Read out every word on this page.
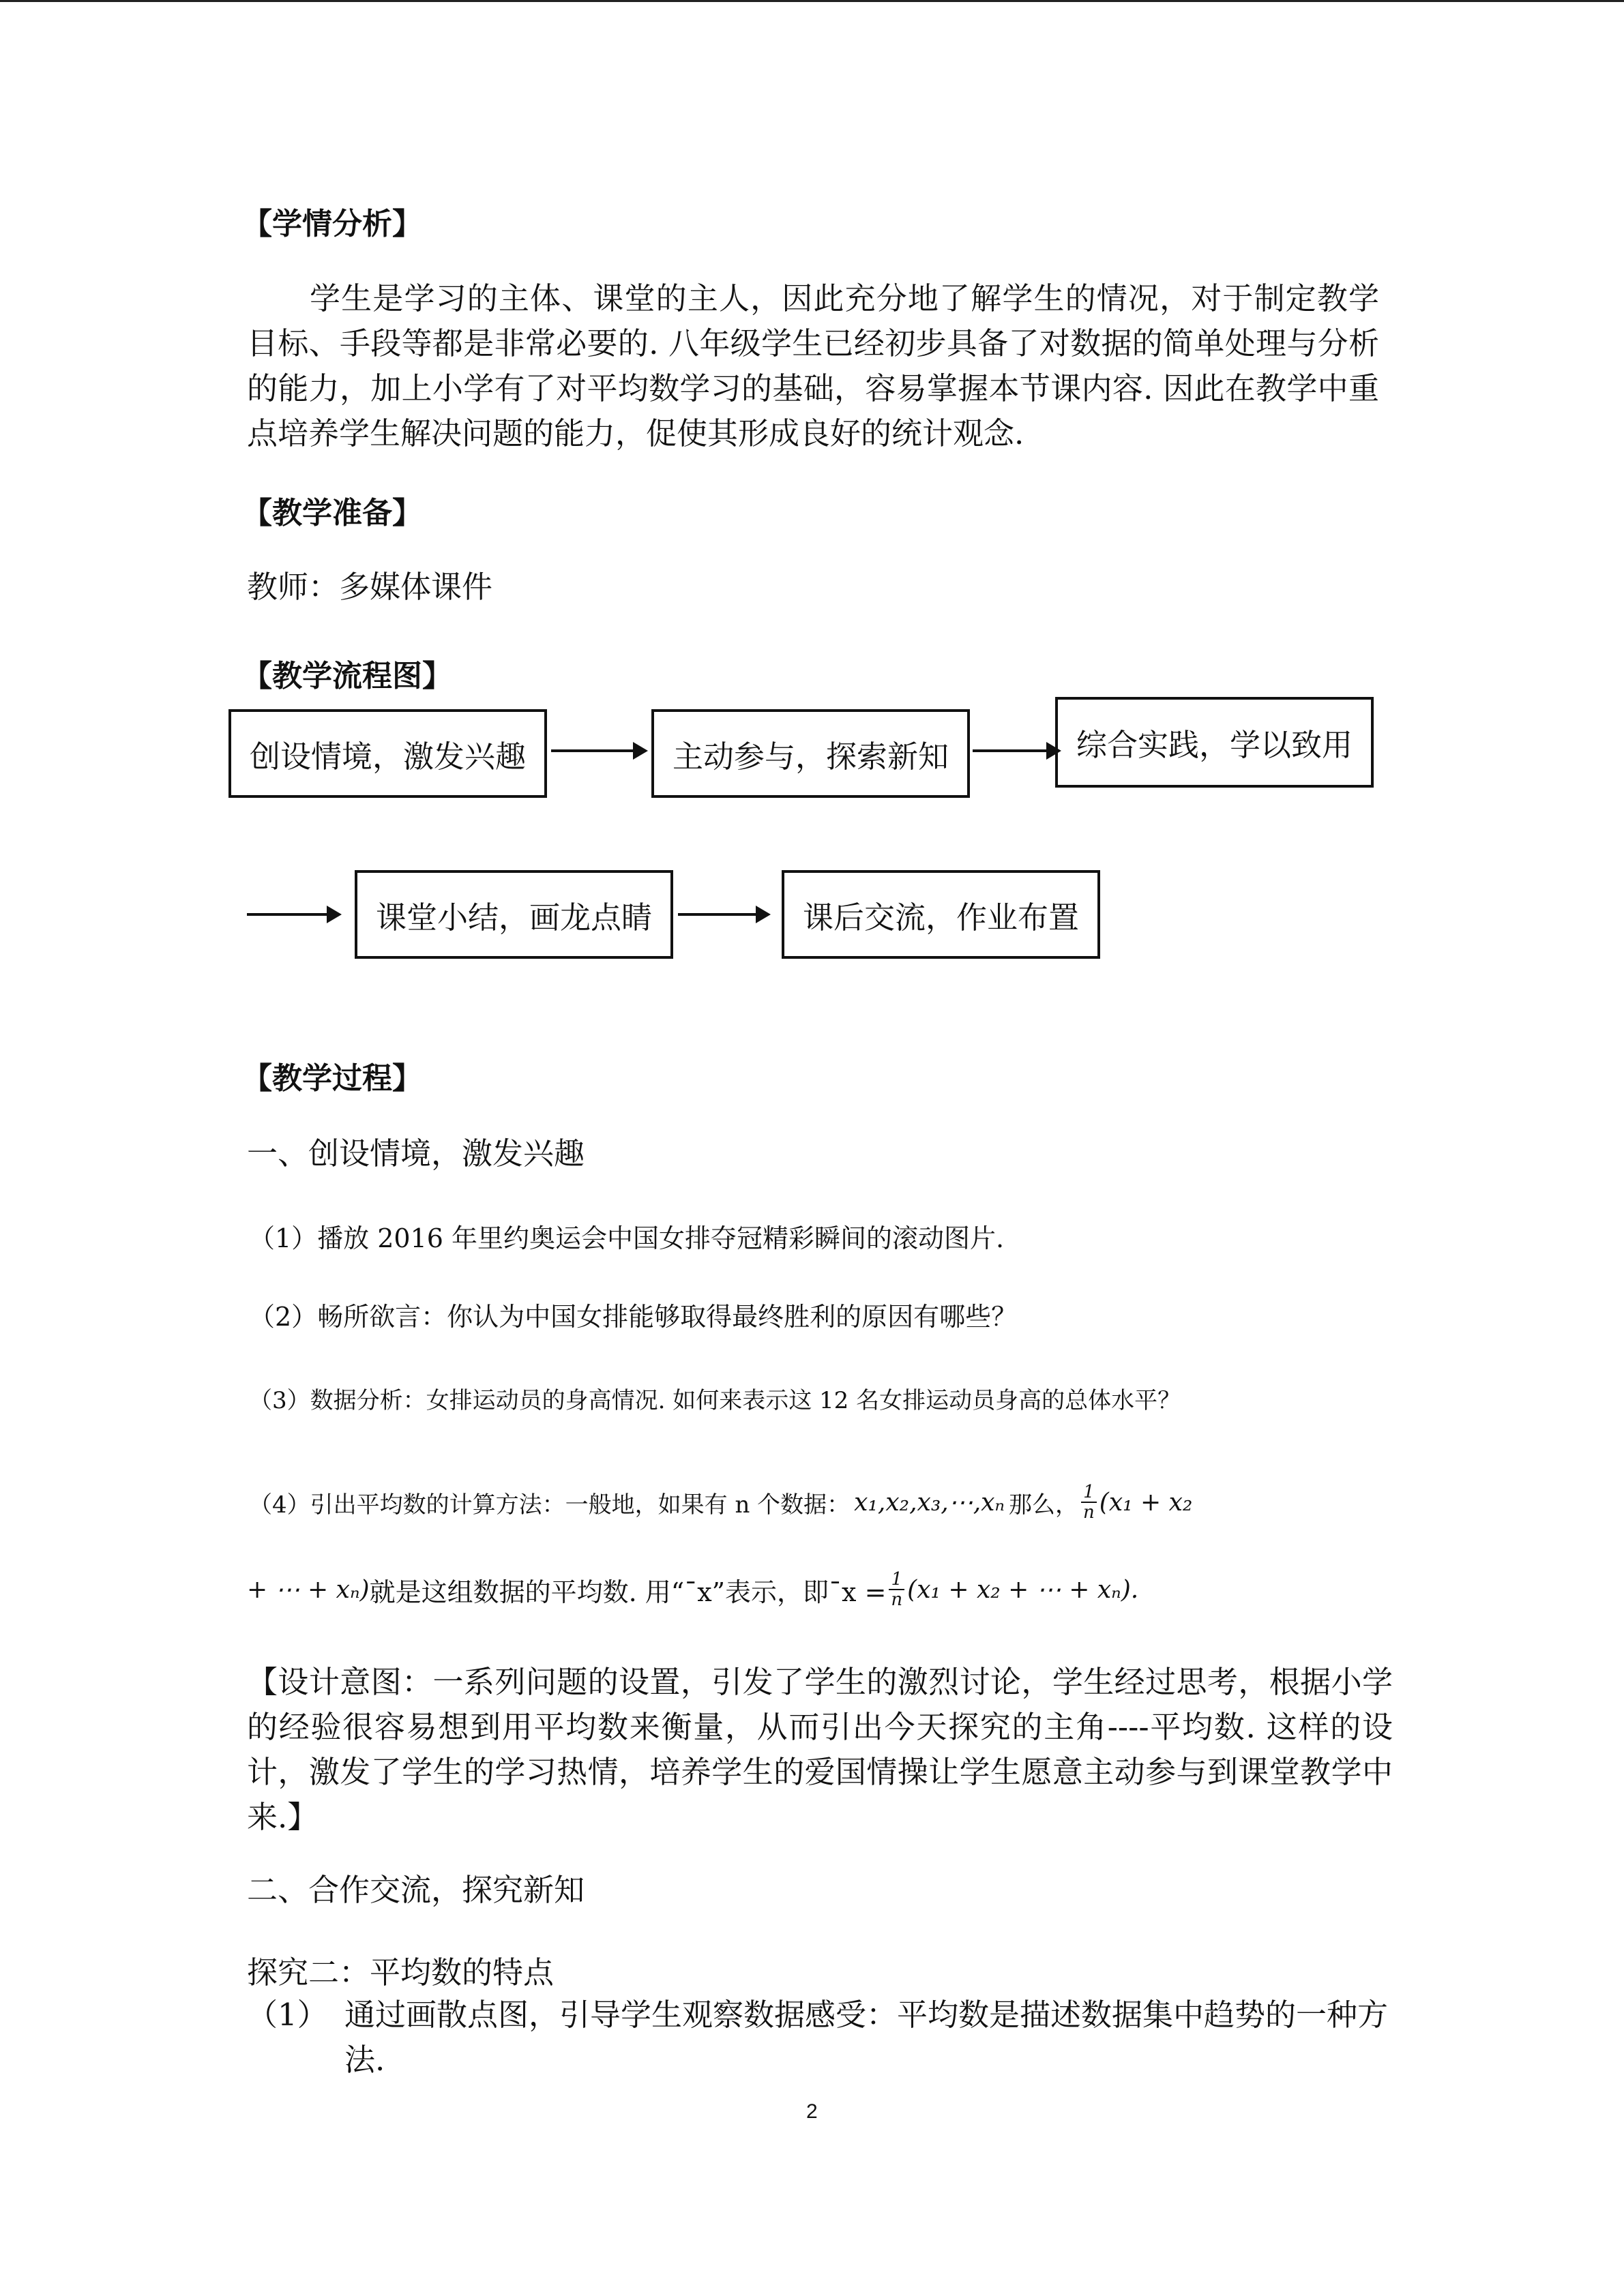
【学情分析】
学生是学习的主体、课堂的主人，因此充分地了解学生的情况，对于制定教学目标、手段等都是非常必要的. 八年级学生已经初步具备了对数据的简单处理与分析的能力，加上小学有了对平均数学习的基础，容易掌握本节课内容. 因此在教学中重点培养学生解决问题的能力，促使其形成良好的统计观念.
【教学准备】
教师：多媒体课件
【教学流程图】
创设情境，激发兴趣	主动参与，探索新知	综合实践，学以致用
课堂小结，画龙点睛	课后交流，作业布置
【教学过程】
一、创设情境，激发兴趣
（1）播放 2016 年里约奥运会中国女排夺冠精彩瞬间的滚动图片.
（2）畅所欲言：你认为中国女排能够取得最终胜利的原因有哪些？
（3）数据分析：女排运动员的身高情况. 如何来表示这 12 名女排运动员身高的总体水平？
（4）引出平均数的计算方法：一般地，如果有 n 个数据： x₁,x₂,x₃,⋯,xₙ 那么， $\frac{1}{n} (x_1 + x_2$
+ ⋯ + xₙ) 就是这组数据的平均数. 用“¯x”表示，即¯x = $\frac{1}{n} (x_1 + x_2$ + ⋯ + xₙ).
【设计意图：一系列问题的设置，引发了学生的激烈讨论，学生经过思考，根据小学的经验很容易想到用平均数来衡量，从而引出今天探究的主角----平均数. 这样的设计，激发了学生的学习热情，培养学生的爱国情操让学生愿意主动参与到课堂教学中来.】
二、合作交流，探究新知
探究二：平均数的特点
（1） 通过画散点图，引导学生观察数据感受：平均数是描述数据集中趋势的一种方法.
2
